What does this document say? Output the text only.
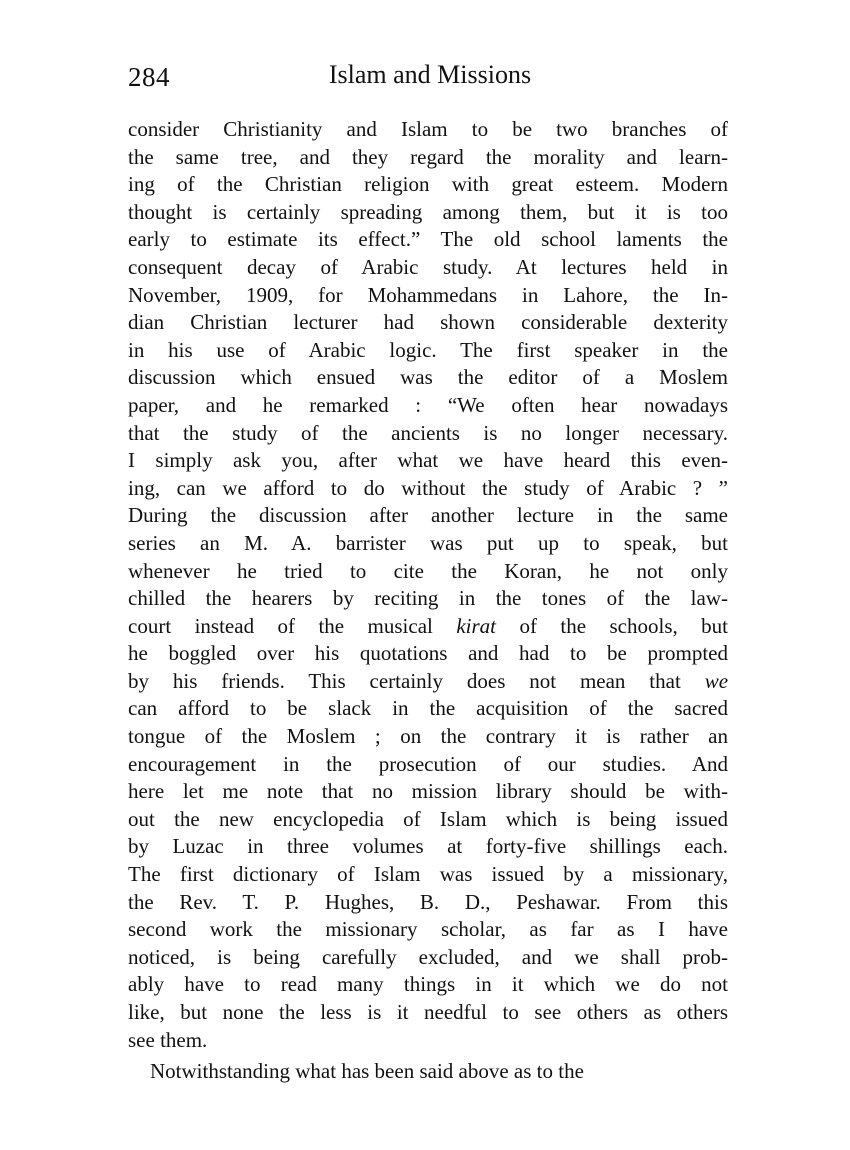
284	Islam and Missions
consider Christianity and Islam to be two branches of
the same tree, and they regard the morality and learn-
ing of the Christian religion with great esteem. Modern
thought is certainly spreading among them, but it is too
early to estimate its effect.” The old school laments the
consequent decay of Arabic study. At lectures held in
November, 1909, for Mohammedans in Lahore, the In-
dian Christian lecturer had shown considerable dexterity
in his use of Arabic logic. The first speaker in the
discussion which ensued was the editor of a Moslem
paper, and he remarked : “We often hear nowadays
that the study of the ancients is no longer necessary.
I simply ask you, after what we have heard this even-
ing, can we afford to do without the study of Arabic ? ”
During the discussion after another lecture in the same
series an M. A. barrister was put up to speak, but
whenever he tried to cite the Koran, he not only
chilled the hearers by reciting in the tones of the law-
court instead of the musical kirat of the schools, but
he boggled over his quotations and had to be prompted
by his friends. This certainly does not mean that we
can afford to be slack in the acquisition of the sacred
tongue of the Moslem ; on the contrary it is rather an
encouragement in the prosecution of our studies. And
here let me note that no mission library should be with-
out the new encyclopedia of Islam which is being issued
by Luzac in three volumes at forty-five shillings each.
The first dictionary of Islam was issued by a missionary,
the Rev. T. P. Hughes, B. D., Peshawar. From this
second work the missionary scholar, as far as I have
noticed, is being carefully excluded, and we shall prob-
ably have to read many things in it which we do not
like, but none the less is it needful to see others as others
see them.
Notwithstanding what has been said above as to the
